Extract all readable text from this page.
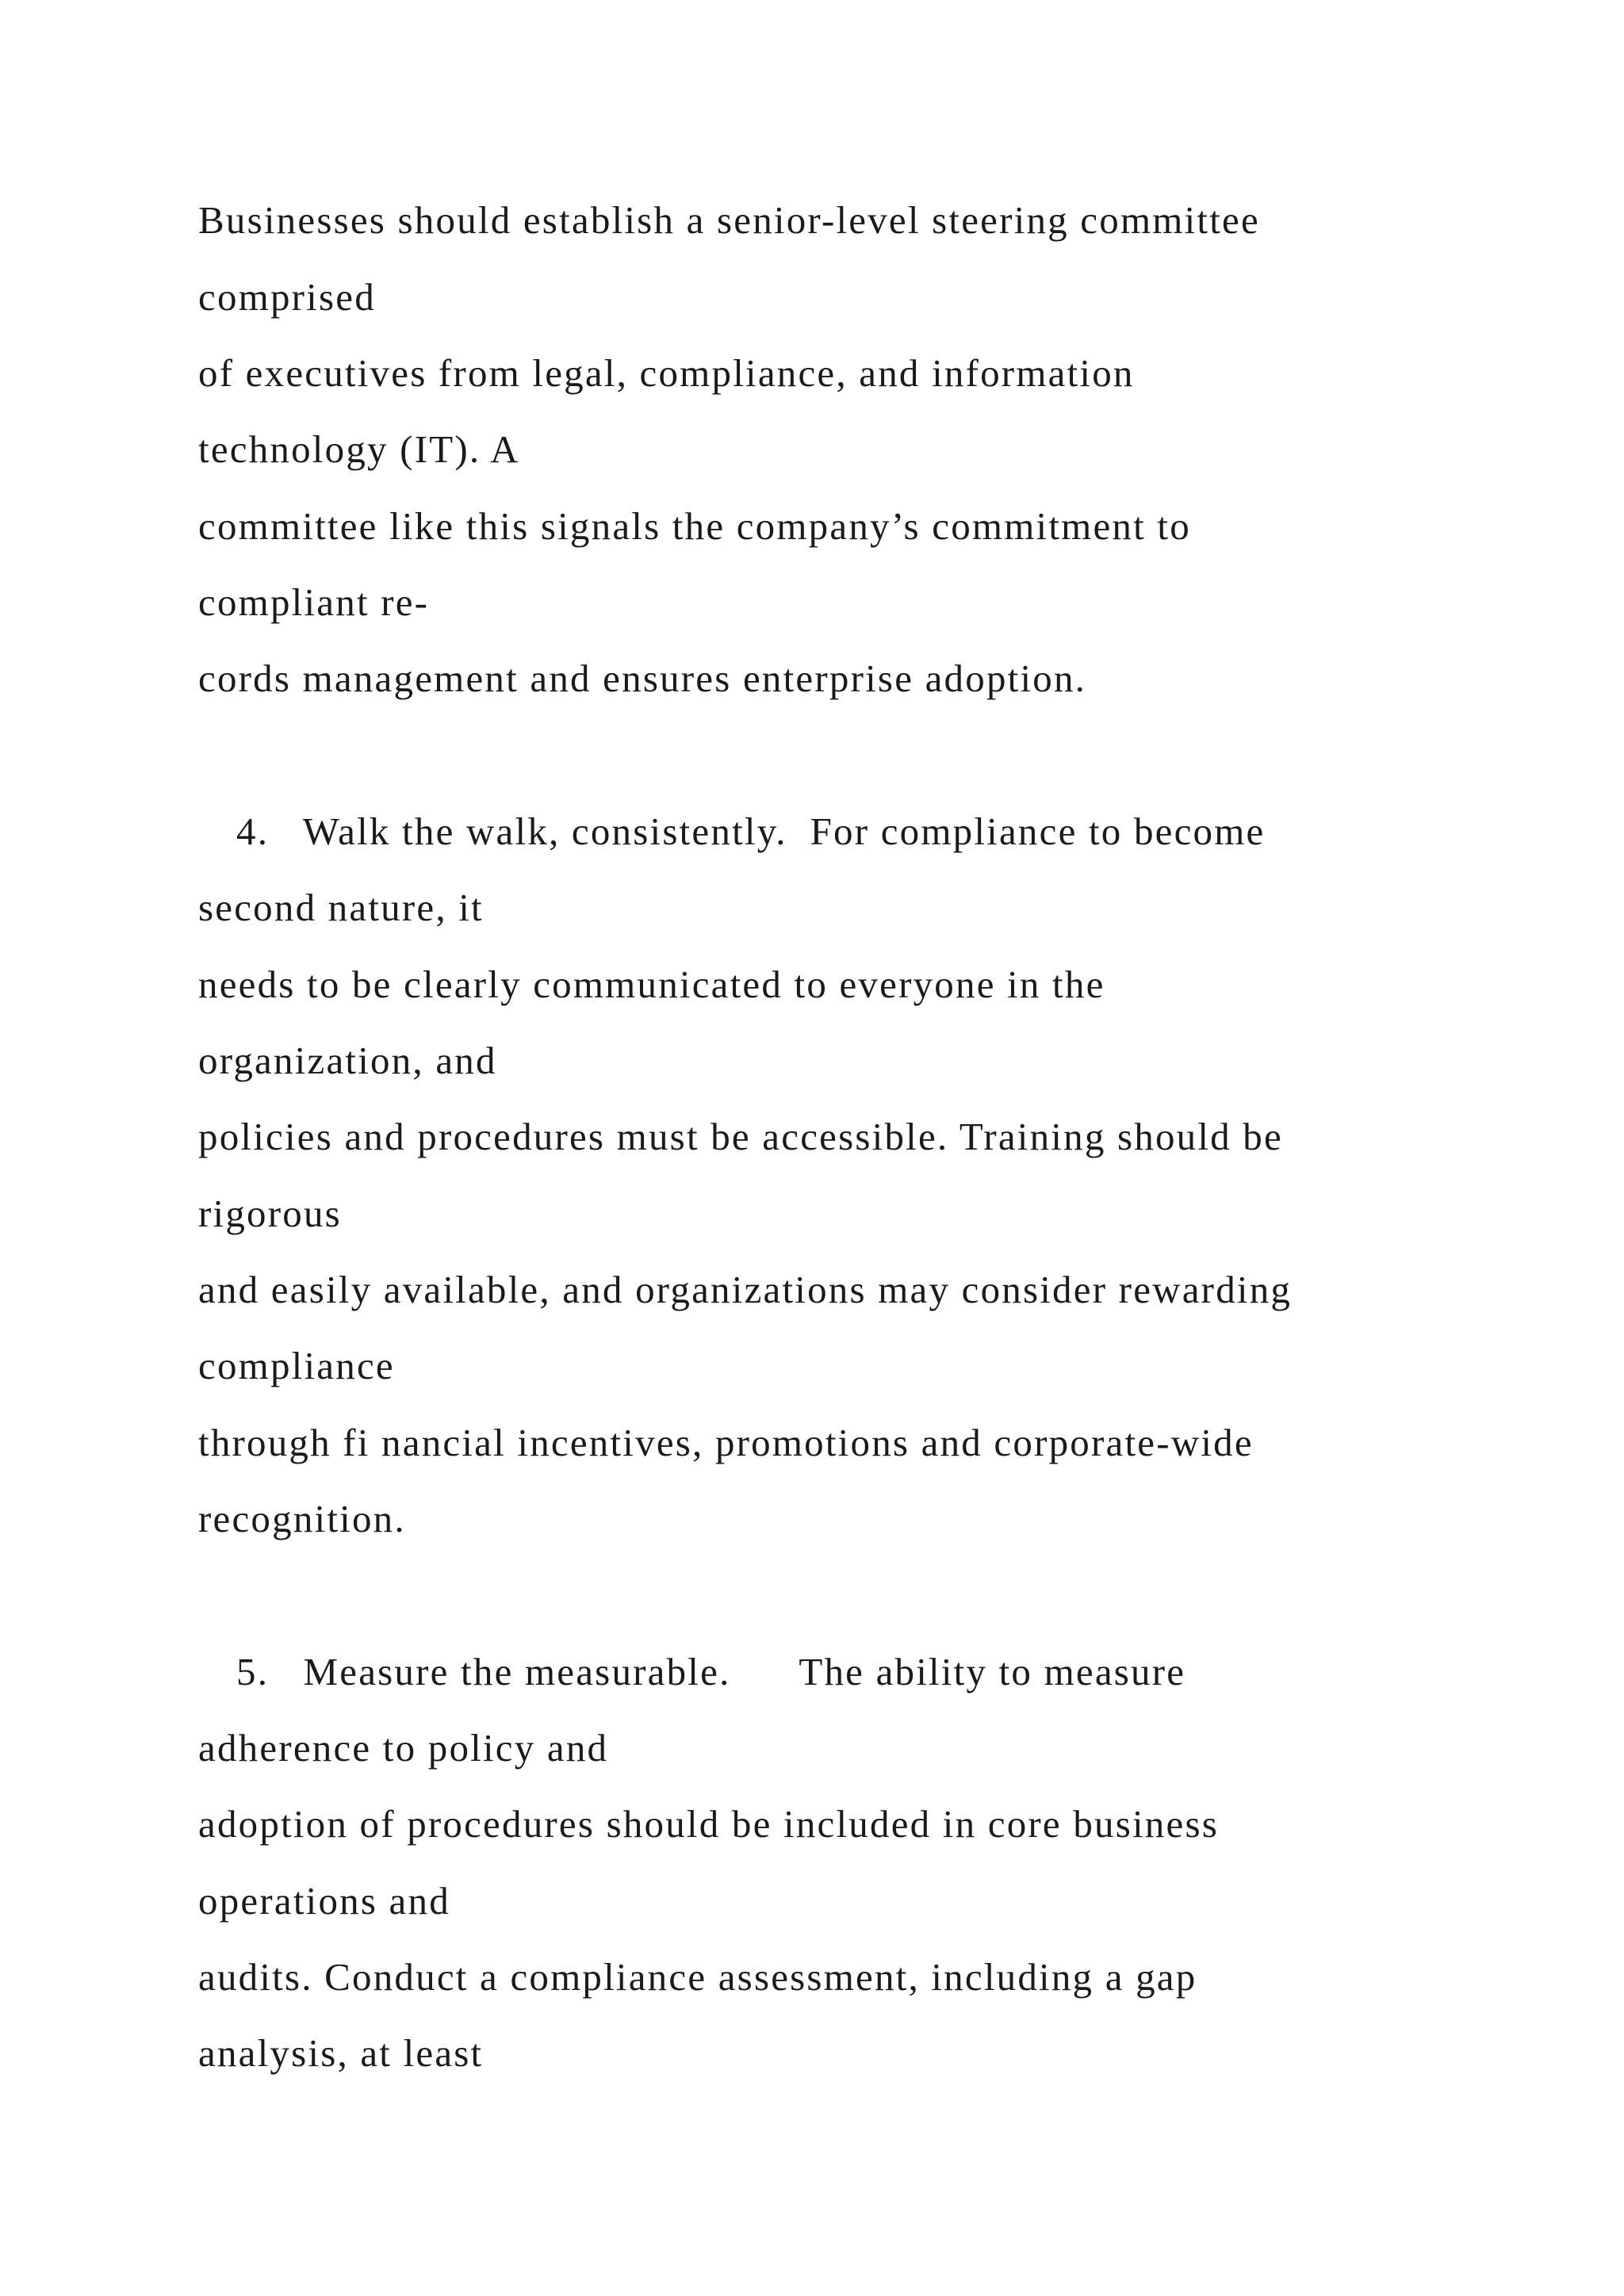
Businesses should establish a senior-level steering committee
comprised
of executives from legal, compliance, and information
technology (IT). A
committee like this signals the company’s commitment to
compliant re-
cords management and ensures enterprise adoption.
4.   Walk the walk, consistently.  For compliance to become
second nature, it
needs to be clearly communicated to everyone in the
organization, and
policies and procedures must be accessible. Training should be
rigorous
and easily available, and organizations may consider rewarding
compliance
through fi nancial incentives, promotions and corporate-wide
recognition.
5.   Measure the measurable.      The ability to measure
adherence to policy and
adoption of procedures should be included in core business
operations and
audits. Conduct a compliance assessment, including a gap
analysis, at least
